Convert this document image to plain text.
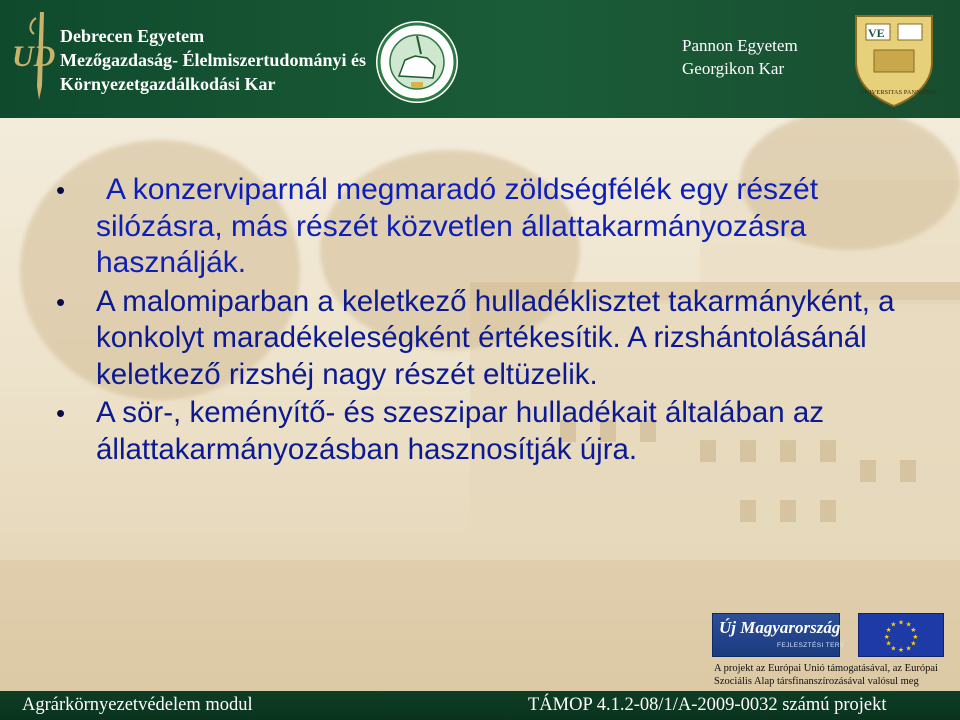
UD
Debrecen Egyetem
Mezőgazdaság- Élelmiszertudományi és
Környezetgazdálkodási Kar
Pannon Egyetem
Georgikon Kar
VE
UNIVERSITAS PANNONIA
•	A konzerviparnál megmaradó zöldségfélék egy részét silózásra, más részét közvetlen állattakarmányozásra használják.
• A malomiparban a keletkező hulladéklisztet takarmányként, a konkolyt maradékeleségként értékesítik. A rizshántolásánál keletkező rizshéj nagy részét eltüzelik.
• A sör-, keményítő- és szeszipar hulladékait általában az állattakarmányozásban hasznosítják újra.
Új Magyarország
FEJLESZTÉSI TERV
★ ★
★
★
★
★
★
★
★
★
★
★
A projekt az Európai Unió támogatásával, az Európai Szociális Alap társfinanszírozásával valósul meg
Agrárkörnyezetvédelem modul	TÁMOP 4.1.2-08/1/A-2009-0032 számú projekt
